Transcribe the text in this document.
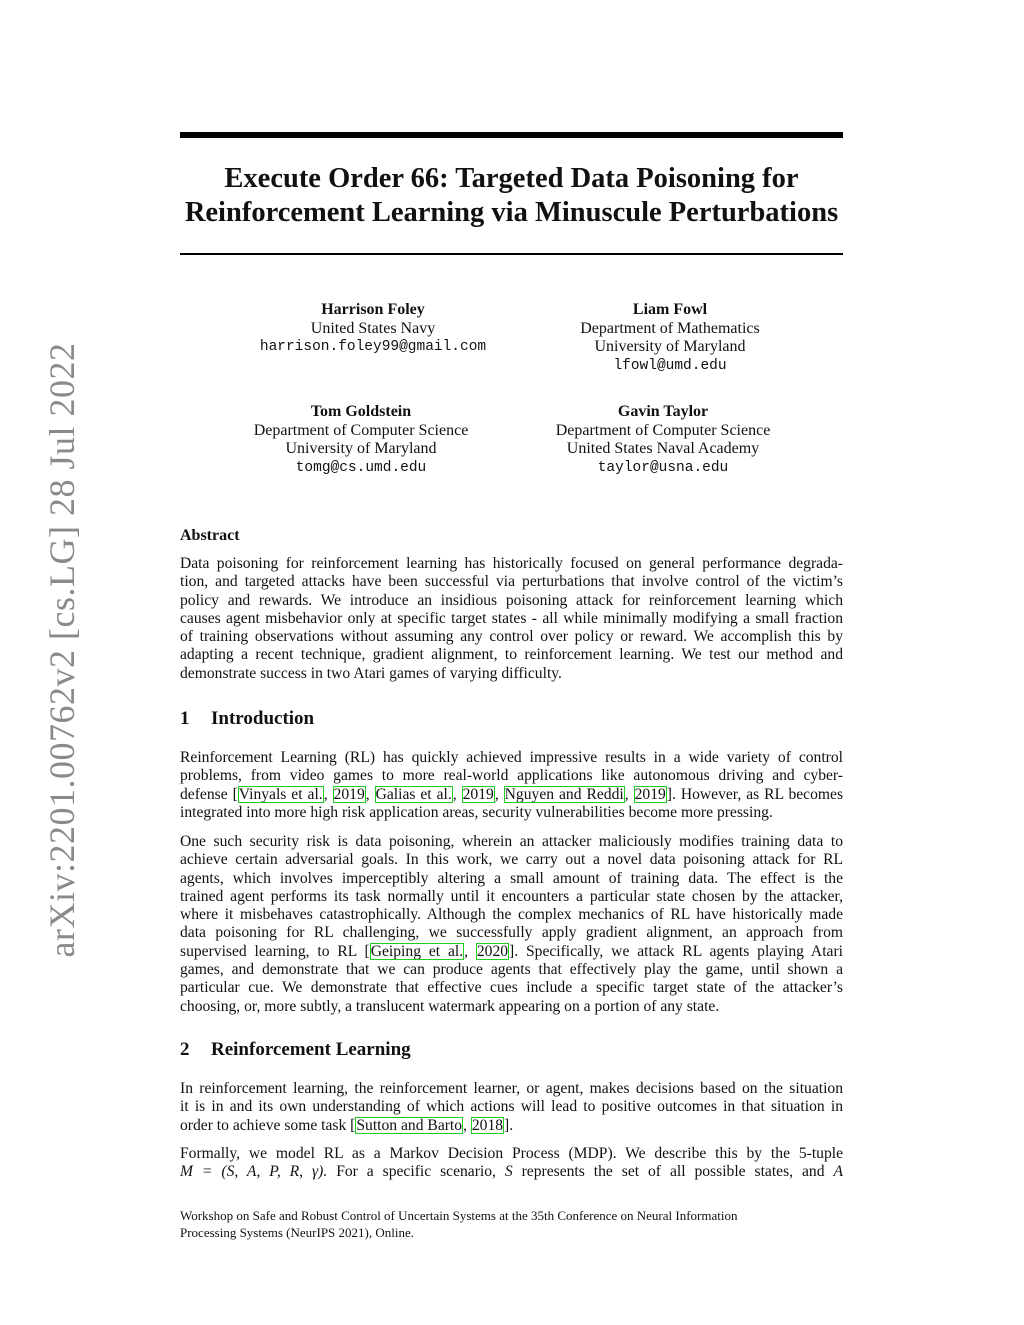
arXiv:2201.00762v2 [cs.LG] 28 Jul 2022
Execute Order 66: Targeted Data Poisoning for
Reinforcement Learning via Minuscule Perturbations
Harrison Foley
United States Navy
harrison.foley99@gmail.com
Liam Fowl
Department of Mathematics
University of Maryland
lfowl@umd.edu
Tom Goldstein
Department of Computer Science
University of Maryland
tomg@cs.umd.edu
Gavin Taylor
Department of Computer Science
United States Naval Academy
taylor@usna.edu
Abstract
Data poisoning for reinforcement learning has historically focused on general performance degrada-
tion, and targeted attacks have been successful via perturbations that involve control of the victim’s
policy and rewards. We introduce an insidious poisoning attack for reinforcement learning which
causes agent misbehavior only at specific target states - all while minimally modifying a small fraction
of training observations without assuming any control over policy or reward. We accomplish this by
adapting a recent technique, gradient alignment, to reinforcement learning. We test our method and
demonstrate success in two Atari games of varying difficulty.
1 Introduction
Reinforcement Learning (RL) has quickly achieved impressive results in a wide variety of control
problems, from video games to more real-world applications like autonomous driving and cyber-
defense [Vinyals et al., 2019, Galias et al., 2019, Nguyen and Reddi, 2019]. However, as RL becomes
integrated into more high risk application areas, security vulnerabilities become more pressing.
One such security risk is data poisoning, wherein an attacker maliciously modifies training data to
achieve certain adversarial goals. In this work, we carry out a novel data poisoning attack for RL
agents, which involves imperceptibly altering a small amount of training data. The effect is the
trained agent performs its task normally until it encounters a particular state chosen by the attacker,
where it misbehaves catastrophically. Although the complex mechanics of RL have historically made
data poisoning for RL challenging, we successfully apply gradient alignment, an approach from
supervised learning, to RL [Geiping et al., 2020]. Specifically, we attack RL agents playing Atari
games, and demonstrate that we can produce agents that effectively play the game, until shown a
particular cue. We demonstrate that effective cues include a specific target state of the attacker’s
choosing, or, more subtly, a translucent watermark appearing on a portion of any state.
2 Reinforcement Learning
In reinforcement learning, the reinforcement learner, or agent, makes decisions based on the situation
it is in and its own understanding of which actions will lead to positive outcomes in that situation in
order to achieve some task [Sutton and Barto, 2018].
Formally, we model RL as a Markov Decision Process (MDP). We describe this by the 5-tuple
M = (S, A, P, R, γ). For a specific scenario, S represents the set of all possible states, and A
Workshop on Safe and Robust Control of Uncertain Systems at the 35th Conference on Neural Information
Processing Systems (NeurIPS 2021), Online.
